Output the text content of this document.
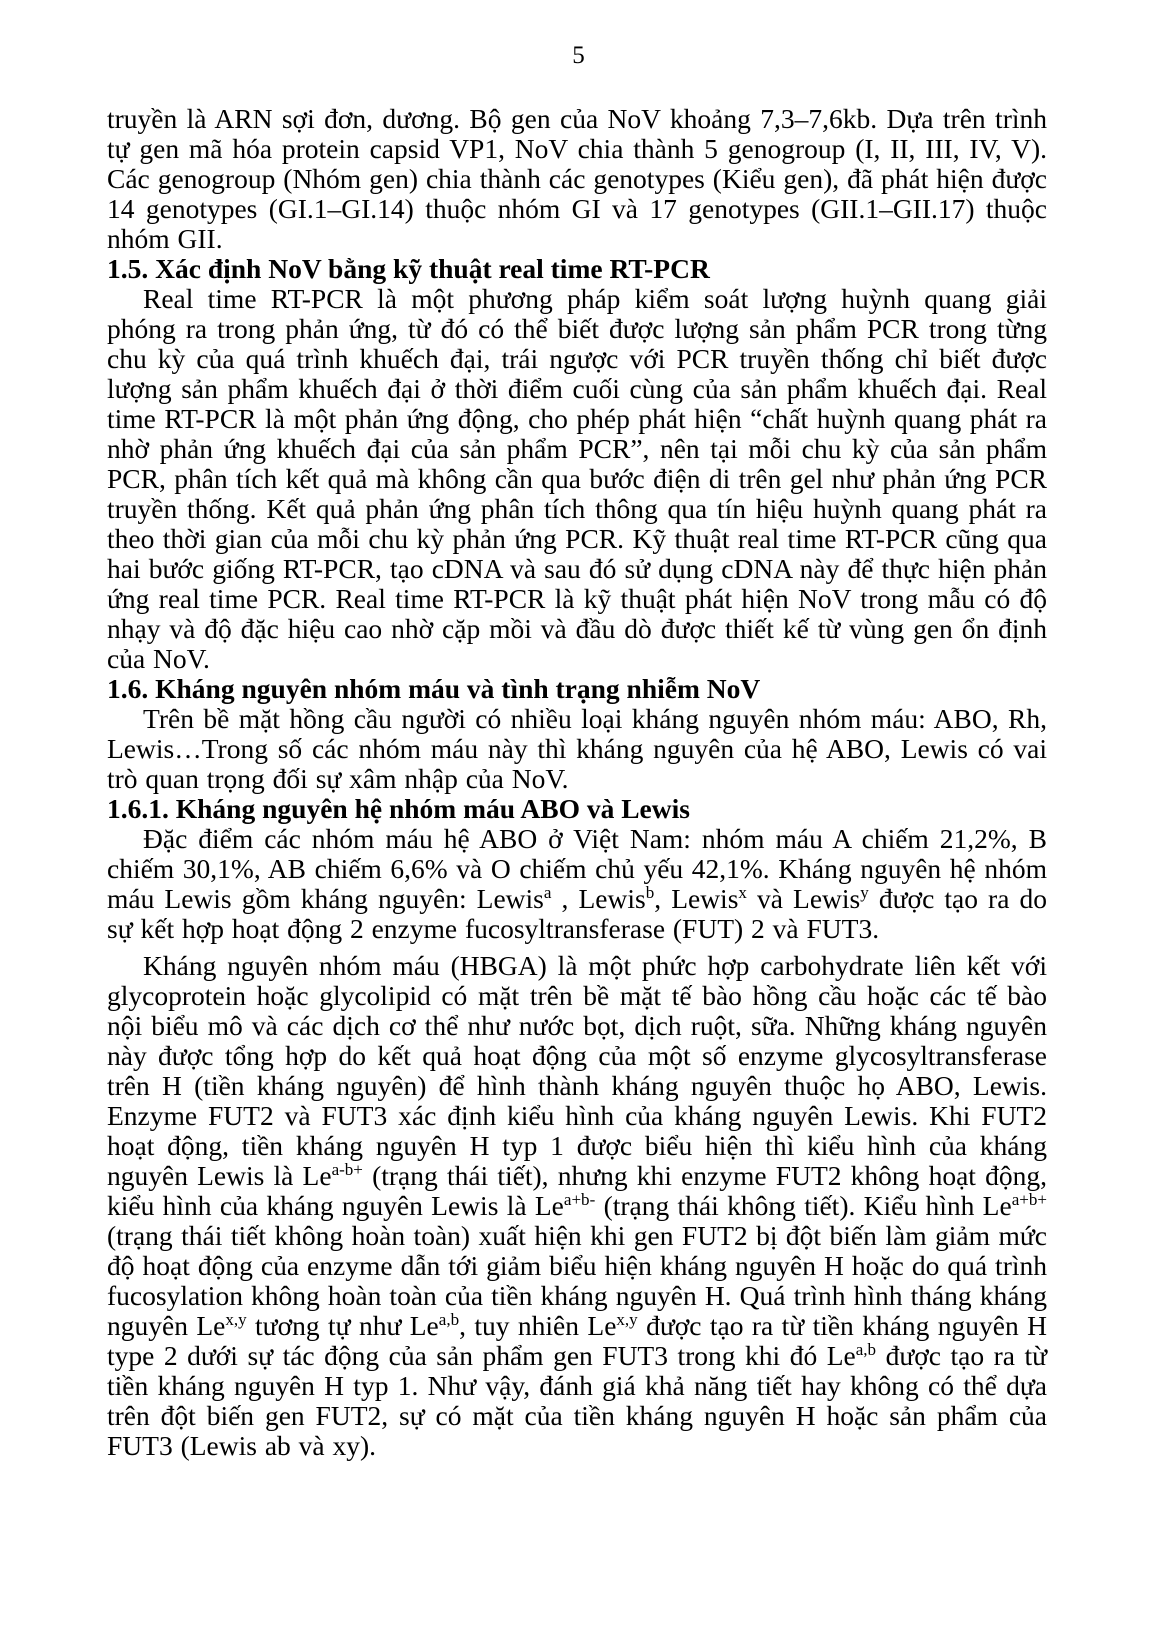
5

truyền là ARN sợi đơn, dương. Bộ gen của NoV khoảng 7,3–7,6kb. Dựa trên trình tự gen mã hóa protein capsid VP1, NoV chia thành 5 genogroup (I, II, III, IV, V). Các genogroup (Nhóm gen) chia thành các genotypes (Kiểu gen), đã phát hiện được 14 genotypes (GI.1–GI.14) thuộc nhóm GI và 17 genotypes (GII.1–GII.17) thuộc nhóm GII.

1.5. Xác định NoV bằng kỹ thuật real time RT-PCR

Real time RT-PCR là một phương pháp kiểm soát lượng huỳnh quang giải phóng ra trong phản ứng, từ đó có thể biết được lượng sản phẩm PCR trong từng chu kỳ của quá trình khuếch đại, trái ngược với PCR truyền thống chỉ biết được lượng sản phẩm khuếch đại ở thời điểm cuối cùng của sản phẩm khuếch đại. Real time RT-PCR là một phản ứng động, cho phép phát hiện “chất huỳnh quang phát ra nhờ phản ứng khuếch đại của sản phẩm PCR”, nên tại mỗi chu kỳ của sản phẩm PCR, phân tích kết quả mà không cần qua bước điện di trên gel như phản ứng PCR truyền thống. Kết quả phản ứng phân tích thông qua tín hiệu huỳnh quang phát ra theo thời gian của mỗi chu kỳ phản ứng PCR. Kỹ thuật real time RT-PCR cũng qua hai bước giống RT-PCR, tạo cDNA và sau đó sử dụng cDNA này để thực hiện phản ứng real time PCR. Real time RT-PCR là kỹ thuật phát hiện NoV trong mẫu có độ nhạy và độ đặc hiệu cao nhờ cặp mồi và đầu dò được thiết kế từ vùng gen ổn định của NoV.

1.6. Kháng nguyên nhóm máu và tình trạng nhiễm NoV

Trên bề mặt hồng cầu người có nhiều loại kháng nguyên nhóm máu: ABO, Rh, Lewis…Trong số các nhóm máu này thì kháng nguyên của hệ ABO, Lewis có vai trò quan trọng đối sự xâm nhập của NoV.

1.6.1. Kháng nguyên hệ nhóm máu ABO và Lewis

Đặc điểm các nhóm máu hệ ABO ở Việt Nam: nhóm máu A chiếm 21,2%, B chiếm 30,1%, AB chiếm 6,6% và O chiếm chủ yếu 42,1%. Kháng nguyên hệ nhóm máu Lewis gồm kháng nguyên: Lewis$^a$ , Lewis$^b$, Lewis$^x$ và Lewis$^y$ được tạo ra do sự kết hợp hoạt động 2 enzyme fucosyltransferase (FUT) 2 và FUT3.

Kháng nguyên nhóm máu (HBGA) là một phức hợp carbohydrate liên kết với glycoprotein hoặc glycolipid có mặt trên bề mặt tế bào hồng cầu hoặc các tế bào nội biểu mô và các dịch cơ thể như nước bọt, dịch ruột, sữa. Những kháng nguyên này được tổng hợp do kết quả hoạt động của một số enzyme glycosyltransferase trên H (tiền kháng nguyên) để hình thành kháng nguyên thuộc họ ABO, Lewis. Enzyme FUT2 và FUT3 xác định kiểu hình của kháng nguyên Lewis. Khi FUT2 hoạt động, tiền kháng nguyên H typ 1 được biểu hiện thì kiểu hình của kháng nguyên Lewis là $Le^{a-b+}$ (trạng thái tiết), nhưng khi enzyme FUT2 không hoạt động, kiểu hình của kháng nguyên Lewis là $Le^{a+b-}$ (trạng thái không tiết). Kiểu hình $Le^{a+b+}$ (trạng thái tiết không hoàn toàn) xuất hiện khi gen FUT2 bị đột biến làm giảm mức độ hoạt động của enzyme dẫn tới giảm biểu hiện kháng nguyên H hoặc do quá trình fucosylation không hoàn toàn của tiền kháng nguyên H. Quá trình hình tháng kháng nguyên Le$^{x,y}$ tương tự như Le$^{a,b}$, tuy nhiên Le$^{x,y}$ được tạo ra từ tiền kháng nguyên H type 2 dưới sự tác động của sản phẩm gen FUT3 trong khi đó Le$^{a,b}$ được tạo ra từ tiền kháng nguyên H typ 1. Như vậy, đánh giá khả năng tiết hay không có thể dựa trên đột biến gen FUT2, sự có mặt của tiền kháng nguyên H hoặc sản phẩm của FUT3 (Lewis ab và xy).
